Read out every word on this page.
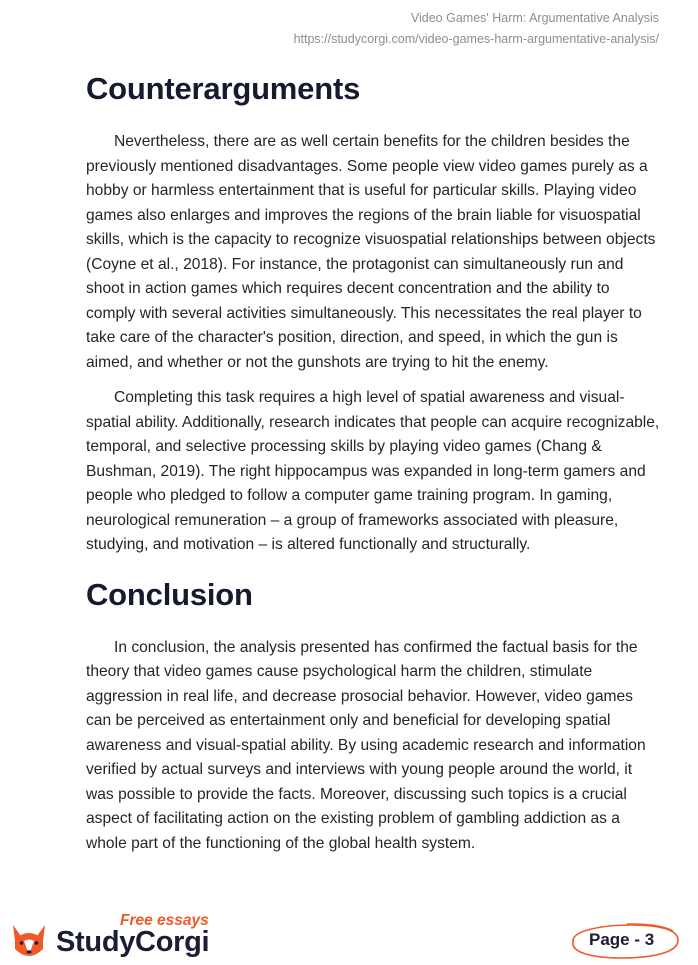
Video Games' Harm: Argumentative Analysis
https://studycorgi.com/video-games-harm-argumentative-analysis/
Counterarguments

Nevertheless, there are as well certain benefits for the children besides the previously mentioned disadvantages. Some people view video games purely as a hobby or harmless entertainment that is useful for particular skills. Playing video games also enlarges and improves the regions of the brain liable for visuospatial skills, which is the capacity to recognize visuospatial relationships between objects (Coyne et al., 2018). For instance, the protagonist can simultaneously run and shoot in action games which requires decent concentration and the ability to comply with several activities simultaneously. This necessitates the real player to take care of the character's position, direction, and speed, in which the gun is aimed, and whether or not the gunshots are trying to hit the enemy.

Completing this task requires a high level of spatial awareness and visual-spatial ability. Additionally, research indicates that people can acquire recognizable, temporal, and selective processing skills by playing video games (Chang & Bushman, 2019). The right hippocampus was expanded in long-term gamers and people who pledged to follow a computer game training program. In gaming, neurological remuneration – a group of frameworks associated with pleasure, studying, and motivation – is altered functionally and structurally.

Conclusion

In conclusion, the analysis presented has confirmed the factual basis for the theory that video games cause psychological harm the children, stimulate aggression in real life, and decrease prosocial behavior. However, video games can be perceived as entertainment only and beneficial for developing spatial awareness and visual-spatial ability. By using academic research and information verified by actual surveys and interviews with young people around the world, it was possible to provide the facts. Moreover, discussing such topics is a crucial aspect of facilitating action on the existing problem of gambling addiction as a whole part of the functioning of the global health system.

Free essays
StudyCorgi	Page - 3
